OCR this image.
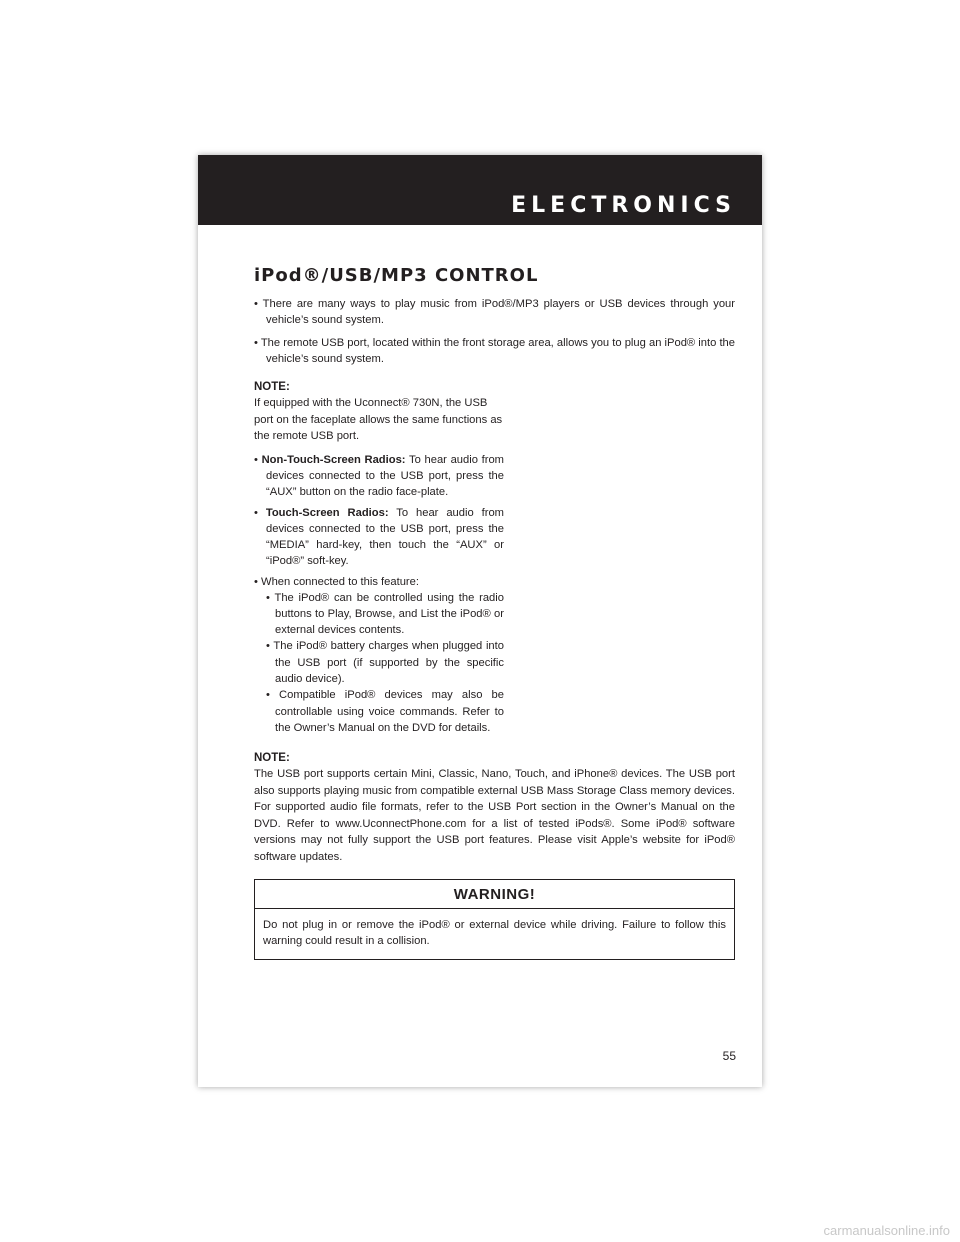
ELECTRONICS
iPod®/USB/MP3 CONTROL
• There are many ways to play music from iPod®/MP3 players or USB devices through your vehicle’s sound system.
• The remote USB port, located within the front storage area, allows you to plug an iPod® into the vehicle’s sound system.
NOTE:
If equipped with the Uconnect® 730N, the USB port on the faceplate allows the same functions as the remote USB port.
• Non-Touch-Screen Radios: To hear audio from devices connected to the USB port, press the “AUX” button on the radio face-plate.
• Touch-Screen Radios: To hear audio from devices connected to the USB port, press the “MEDIA” hard-key, then touch the “AUX” or “iPod®” soft-key.
• When connected to this feature:
• The iPod® can be controlled using the radio buttons to Play, Browse, and List the iPod® or external devices contents.
• The iPod® battery charges when plugged into the USB port (if supported by the specific audio device).
• Compatible iPod® devices may also be controllable using voice commands. Refer to the Owner’s Manual on the DVD for details.
NOTE:
The USB port supports certain Mini, Classic, Nano, Touch, and iPhone® devices. The USB port also supports playing music from compatible external USB Mass Storage Class memory devices. For supported audio file formats, refer to the USB Port section in the Owner’s Manual on the DVD. Refer to www.UconnectPhone.com for a list of tested iPods®. Some iPod® software versions may not fully support the USB port features. Please visit Apple’s website for iPod® software updates.
WARNING!
Do not plug in or remove the iPod® or external device while driving. Failure to follow this warning could result in a collision.
55
carmanualsonline.info
